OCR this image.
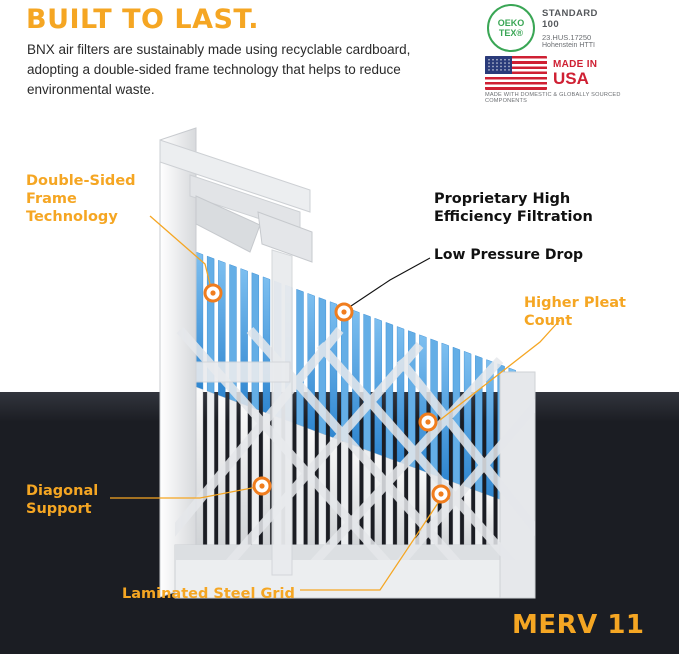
BUILT TO LAST.
BNX air filters are sustainably made using recyclable cardboard, adopting a double-sided frame technology that helps to reduce environmental waste.
OEKO
TEX®
STANDARD
100
23.HUS.17250
Hohenstein HTTI
MADE IN
USA
MADE WITH DOMESTIC & GLOBALLY SOURCED COMPONENTS
Double-Sided
Frame
Technology
Proprietary High
Efficiency Filtration
Low Pressure Drop
Higher Pleat
Count
Diagonal
Support
Laminated Steel Grid
MERV 11
